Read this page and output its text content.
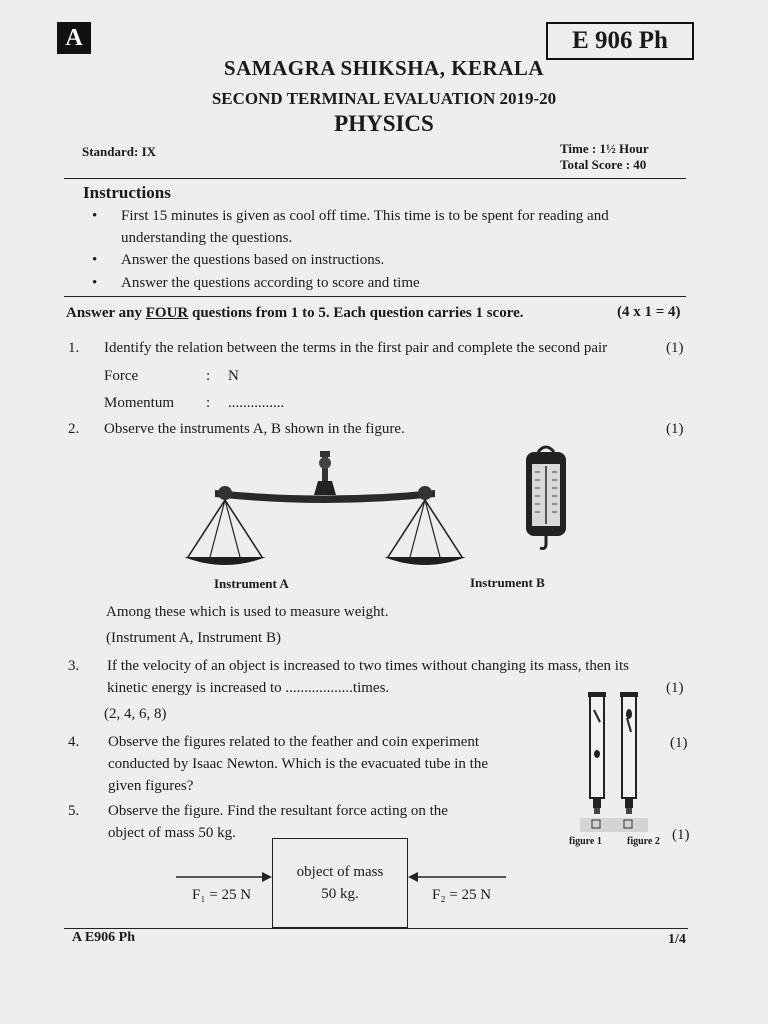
A	E 906 Ph
SAMAGRA SHIKSHA, KERALA
SECOND TERMINAL EVALUATION 2019-20
PHYSICS
Standard: IX	Time : 1½ Hour
Total Score : 40
Instructions
• First 15 minutes is given as cool off time. This time is to be spent for reading and
understanding the questions.
• Answer the questions based on instructions.
• Answer the questions according to score and time
Answer any FOUR questions from 1 to 5. Each question carries 1 score.	(4 x 1 = 4)
1. Identify the relation between the terms in the first pair and complete the second pair	(1)
Force	: N
Momentum : ...............
2. Observe the instruments A, B shown in the figure.	(1)
Instrument A	Instrument B
Among these which is used to measure weight.
(Instrument A, Instrument B)
3. If the velocity of an object is increased to two times without changing its mass, then its
kinetic energy is increased to ..................times.	(1)
(2, 4, 6, 8)
4. Observe the figures related to the feather and coin experiment
conducted by Isaac Newton. Which is the evacuated tube in the
given figures?
(1)
figure 1	figure 2
5. Observe the figure. Find the resultant force acting on the
object of mass 50 kg.	(1)
object of mass
50 kg.
F₁ = 25 N	F₂ = 25 N
A E906 Ph	1/4
